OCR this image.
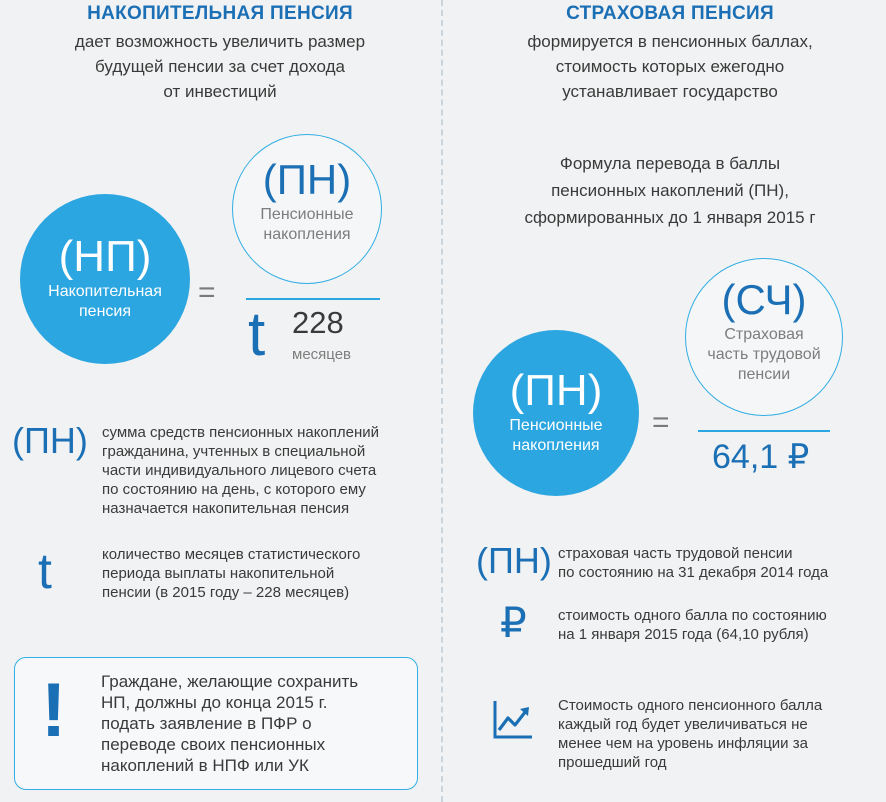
НАКОПИТЕЛЬНАЯ ПЕНСИЯ
дает возможность увеличить размер
будущей пенсии за счет дохода
от инвестиций
(НП)
Накопительная
пенсия
(ПН)
Пенсионные
накопления
=
t 228
месяцев
(ПН) сумма средств пенсионных накоплений
гражданина, учтенных в специальной
части индивидуального лицевого счета
по состоянию на день, с которого ему
назначается накопительная пенсия
t	количество месяцев статистического
периода выплаты накопительной
пенсии (в 2015 году – 228 месяцев)
! Граждане, желающие сохранить
НП, должны до конца 2015 г.
подать заявление в ПФР о
переводе своих пенсионных
накоплений в НПФ или УК
СТРАХОВАЯ ПЕНСИЯ
формируется в пенсионных баллах,
стоимость которых ежегодно
устанавливает государство
Формула перевода в баллы
пенсионных накоплений (ПН),
сформированных до 1 января 2015 г
(ПН)
Пенсионные
накопления
(СЧ)
Страховая
часть трудовой
пенсии
=
64,1 ₽
(ПН) страховая часть трудовой пенсии
по состоянию на 31 декабря 2014 года
₽ стоимость одного балла по состоянию
на 1 января 2015 года (64,10 рубля)
Стоимость одного пенсионного балла
каждый год будет увеличиваться не
менее чем на уровень инфляции за
прошедший год
